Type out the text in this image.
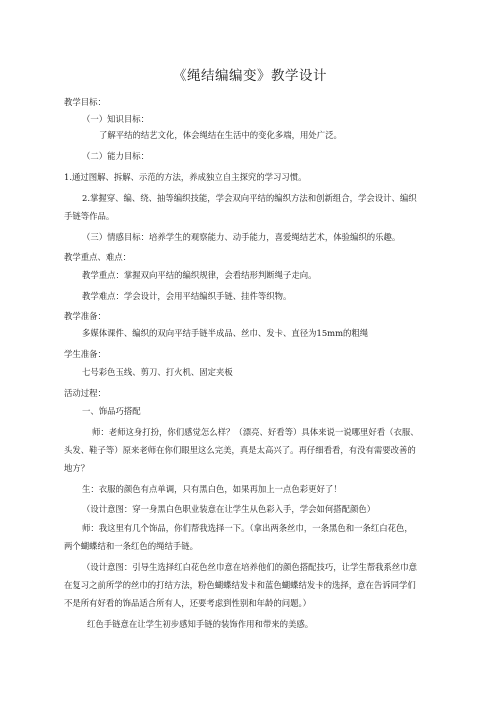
《绳结编编变》教学设计
教学目标：
（一）知识目标：
了解平结的结艺文化，体会绳结在生活中的变化多端，用处广泛。
（二）能力目标：
1.通过图解、拆解、示范的方法，养成独立自主探究的学习习惯。
2.掌握穿、编、绕、抽等编织技能，学会双向平结的编织方法和创新组合，学会设计、编织
手链等作品。
（三）情感目标：培养学生的观察能力、动手能力，喜爱绳结艺术，体验编织的乐趣。
教学重点、难点：
教学重点：掌握双向平结的编织规律，会看结形判断绳子走向。
教学难点：学会设计，会用平结编织手链、挂件等织物。
教学准备：
多媒体课件、编织的双向平结手链半成品、丝巾、发卡、直径为15mm的粗绳
学生准备：
七号彩色玉线、剪刀、打火机、固定夹板
活动过程：
一、饰品巧搭配
师：老师这身打扮，你们感觉怎么样？（漂亮、好看等）具体来说一说哪里好看（衣服、
头发、鞋子等）原来老师在你们眼里这么完美，真是太高兴了。再仔细看看，有没有需要改善的
地方？
生：衣服的颜色有点单调，只有黑白色，如果再加上一点色彩更好了！
（设计意图：穿一身黑白色职业装意在让学生从色彩入手，学会如何搭配颜色）
师：我这里有几个饰品，你们帮我选择一下。（拿出两条丝巾，一条黑色和一条红白花色，
两个蝴蝶结和一条红色的绳结手链。
（设计意图：引导生选择红白花色丝巾意在培养他们的颜色搭配技巧，让学生帮我系丝巾意
在复习之前所学的丝巾的打结方法，粉色蝴蝶结发卡和蓝色蝴蝶结发卡的选择，意在告诉同学们
不是所有好看的饰品适合所有人，还要考虑到性别和年龄的问题。）
红色手链意在让学生初步感知手链的装饰作用和带来的美感。
